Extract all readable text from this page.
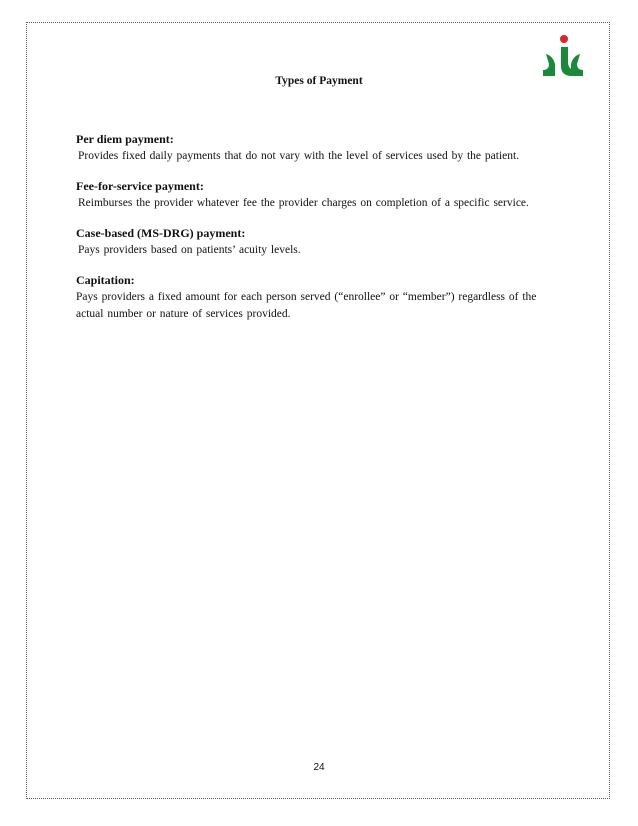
Types of Payment
Per diem payment:
Provides fixed daily payments that do not vary with the level of services used by the patient.
Fee-for-service payment:
Reimburses the provider whatever fee the provider charges on completion of a specific service.
Case-based (MS-DRG) payment:
Pays providers based on patients’ acuity levels.
Capitation:
Pays providers a fixed amount for each person served (“enrollee” or “member”) regardless of the actual number or nature of services provided.
24
